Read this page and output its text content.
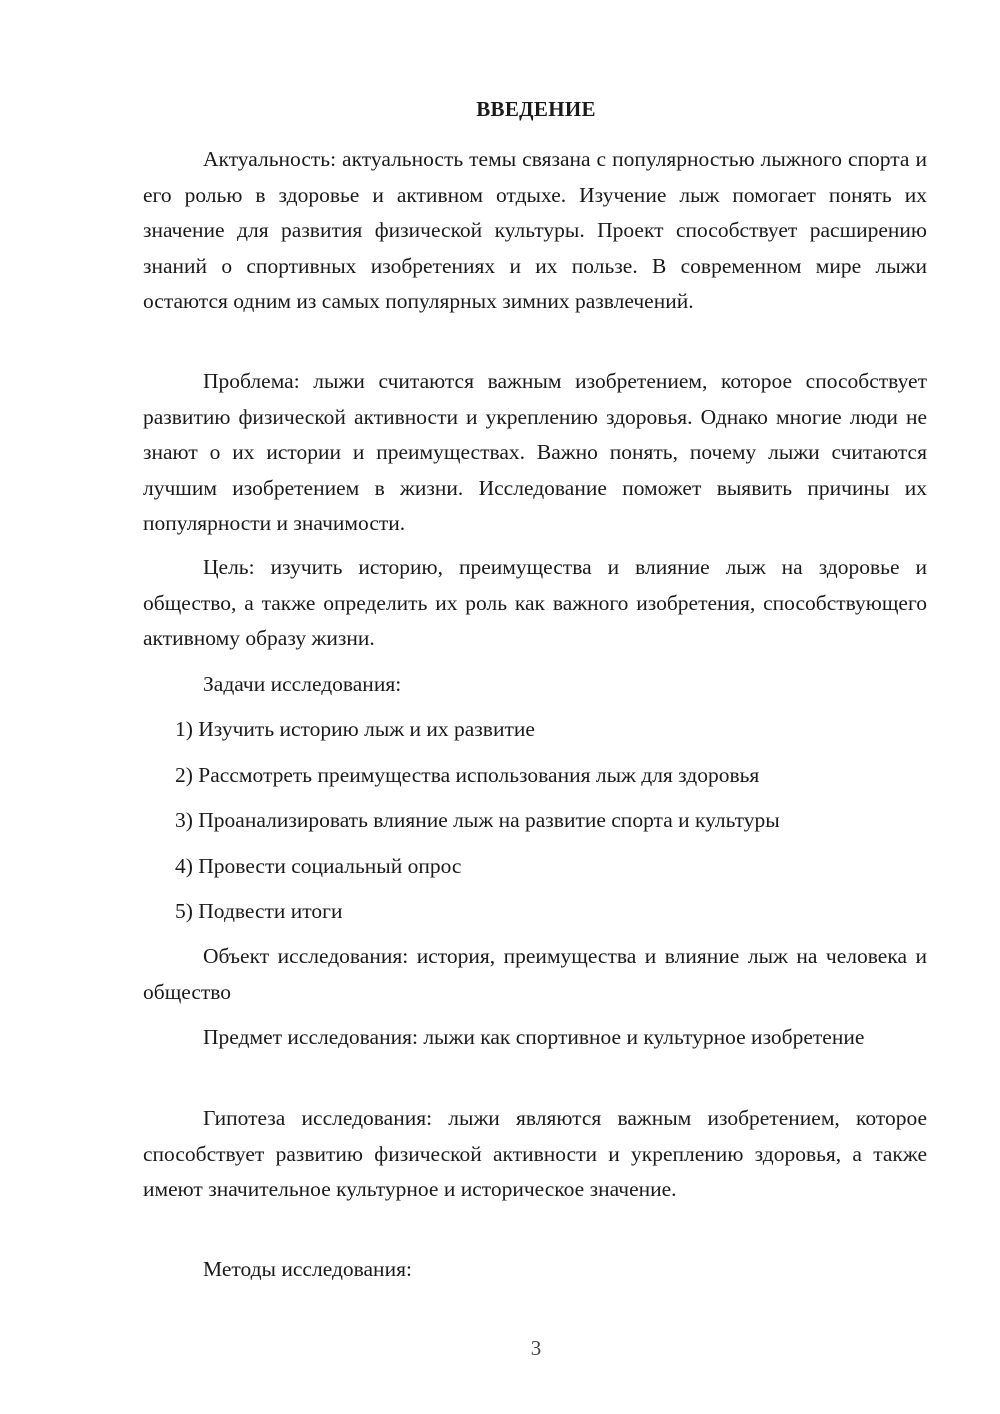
ВВЕДЕНИЕ

Актуальность: актуальность темы связана с популярностью лыжного спорта и его ролью в здоровье и активном отдыхе. Изучение лыж помогает понять их значение для развития физической культуры. Проект способствует расширению знаний о спортивных изобретениях и их пользе. В современном мире лыжи остаются одним из самых популярных зимних развлечений.

Проблема: лыжи считаются важным изобретением, которое способствует развитию физической активности и укреплению здоровья. Однако многие люди не знают о их истории и преимуществах. Важно понять, почему лыжи считаются лучшим изобретением в жизни. Исследование поможет выявить причины их популярности и значимости.

Цель: изучить историю, преимущества и влияние лыж на здоровье и общество, а также определить их роль как важного изобретения, способствующего активному образу жизни.

Задачи исследования:

1) Изучить историю лыж и их развитие

2) Рассмотреть преимущества использования лыж для здоровья

3) Проанализировать влияние лыж на развитие спорта и культуры

4) Провести социальный опрос

5) Подвести итоги

Объект исследования: история, преимущества и влияние лыж на человека и общество

Предмет исследования: лыжи как спортивное и культурное изобретение

Гипотеза исследования: лыжи являются важным изобретением, которое способствует развитию физической активности и укреплению здоровья, а также имеют значительное культурное и историческое значение.

Методы исследования:

3
